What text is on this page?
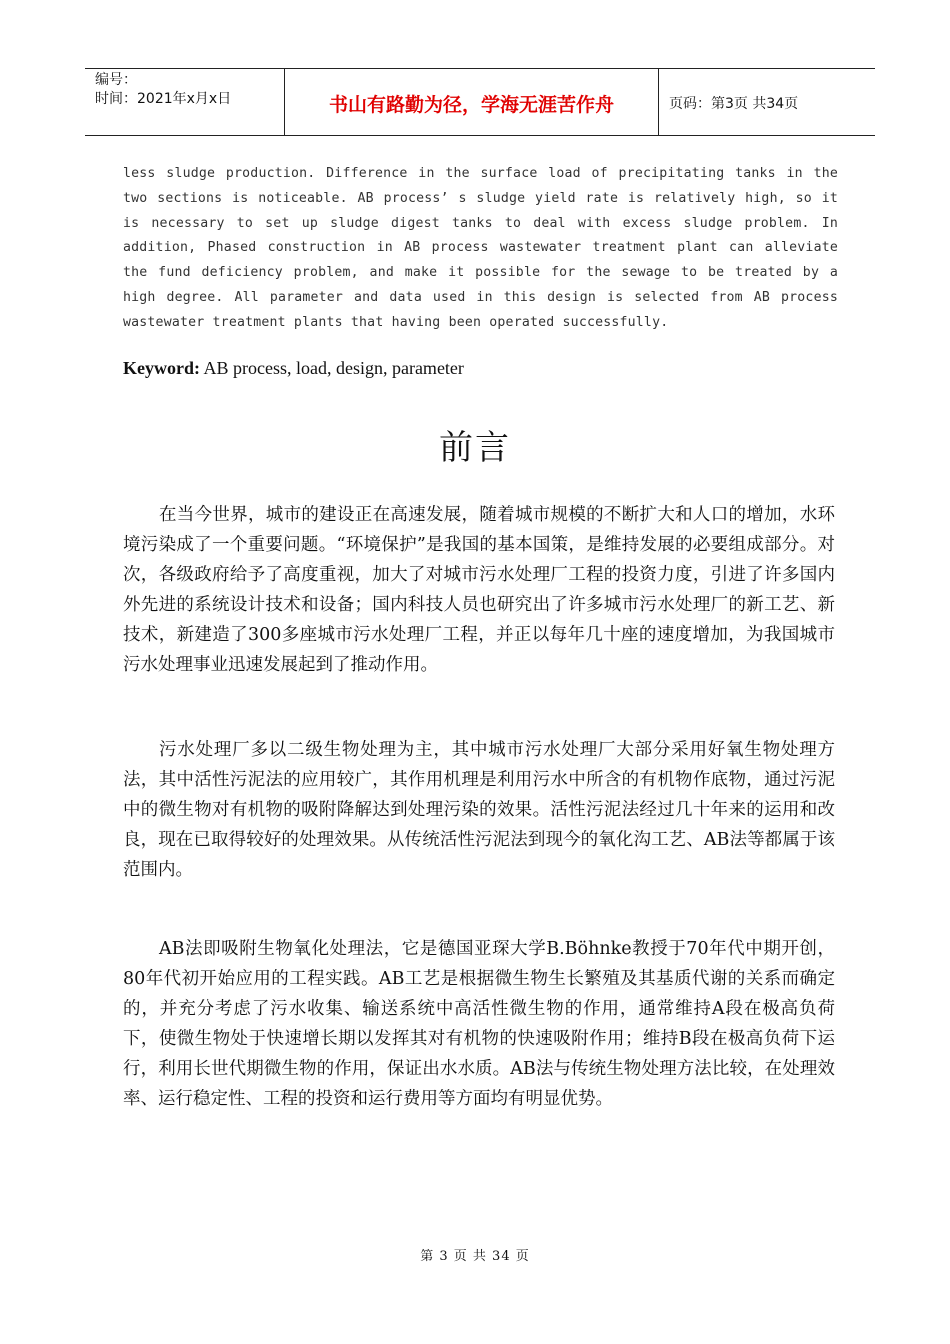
编号：
时间：2021年x月x日	书山有路勤为径，学海无涯苦作舟	页码：第3页 共34页
less sludge production. Difference in the surface load of precipitating tanks in the two sections is noticeable. AB process’ s sludge yield rate is relatively high, so it is necessary to set up sludge digest tanks to deal with excess sludge problem. In addition, Phased construction in AB process wastewater treatment plant can alleviate the fund deficiency problem, and make it possible for the sewage to be treated by a high degree. All parameter and data used in this design is selected from AB process wastewater treatment plants that having been operated successfully.
Keyword: AB process, load, design, parameter
前言
在当今世界，城市的建设正在高速发展，随着城市规模的不断扩大和人口的增加，水环境污染成了一个重要问题。“环境保护”是我国的基本国策，是维持发展的必要组成部分。对次，各级政府给予了高度重视，加大了对城市污水处理厂工程的投资力度，引进了许多国内外先进的系统设计技术和设备；国内科技人员也研究出了许多城市污水处理厂的新工艺、新技术，新建造了300多座城市污水处理厂工程，并正以每年几十座的速度增加，为我国城市污水处理事业迅速发展起到了推动作用。
污水处理厂多以二级生物处理为主，其中城市污水处理厂大部分采用好氧生物处理方法，其中活性污泥法的应用较广，其作用机理是利用污水中所含的有机物作底物，通过污泥中的微生物对有机物的吸附降解达到处理污染的效果。活性污泥法经过几十年来的运用和改良，现在已取得较好的处理效果。从传统活性污泥法到现今的氧化沟工艺、AB法等都属于该范围内。
AB法即吸附生物氧化处理法，它是德国亚琛大学B.Böhnke教授于70年代中期开创，80年代初开始应用的工程实践。AB工艺是根据微生物生长繁殖及其基质代谢的关系而确定的，并充分考虑了污水收集、输送系统中高活性微生物的作用，通常维持A段在极高负荷下，使微生物处于快速增长期以发挥其对有机物的快速吸附作用；维持B段在极高负荷下运行，利用长世代期微生物的作用，保证出水水质。AB法与传统生物处理方法比较，在处理效率、运行稳定性、工程的投资和运行费用等方面均有明显优势。
第 3 页 共 34 页
